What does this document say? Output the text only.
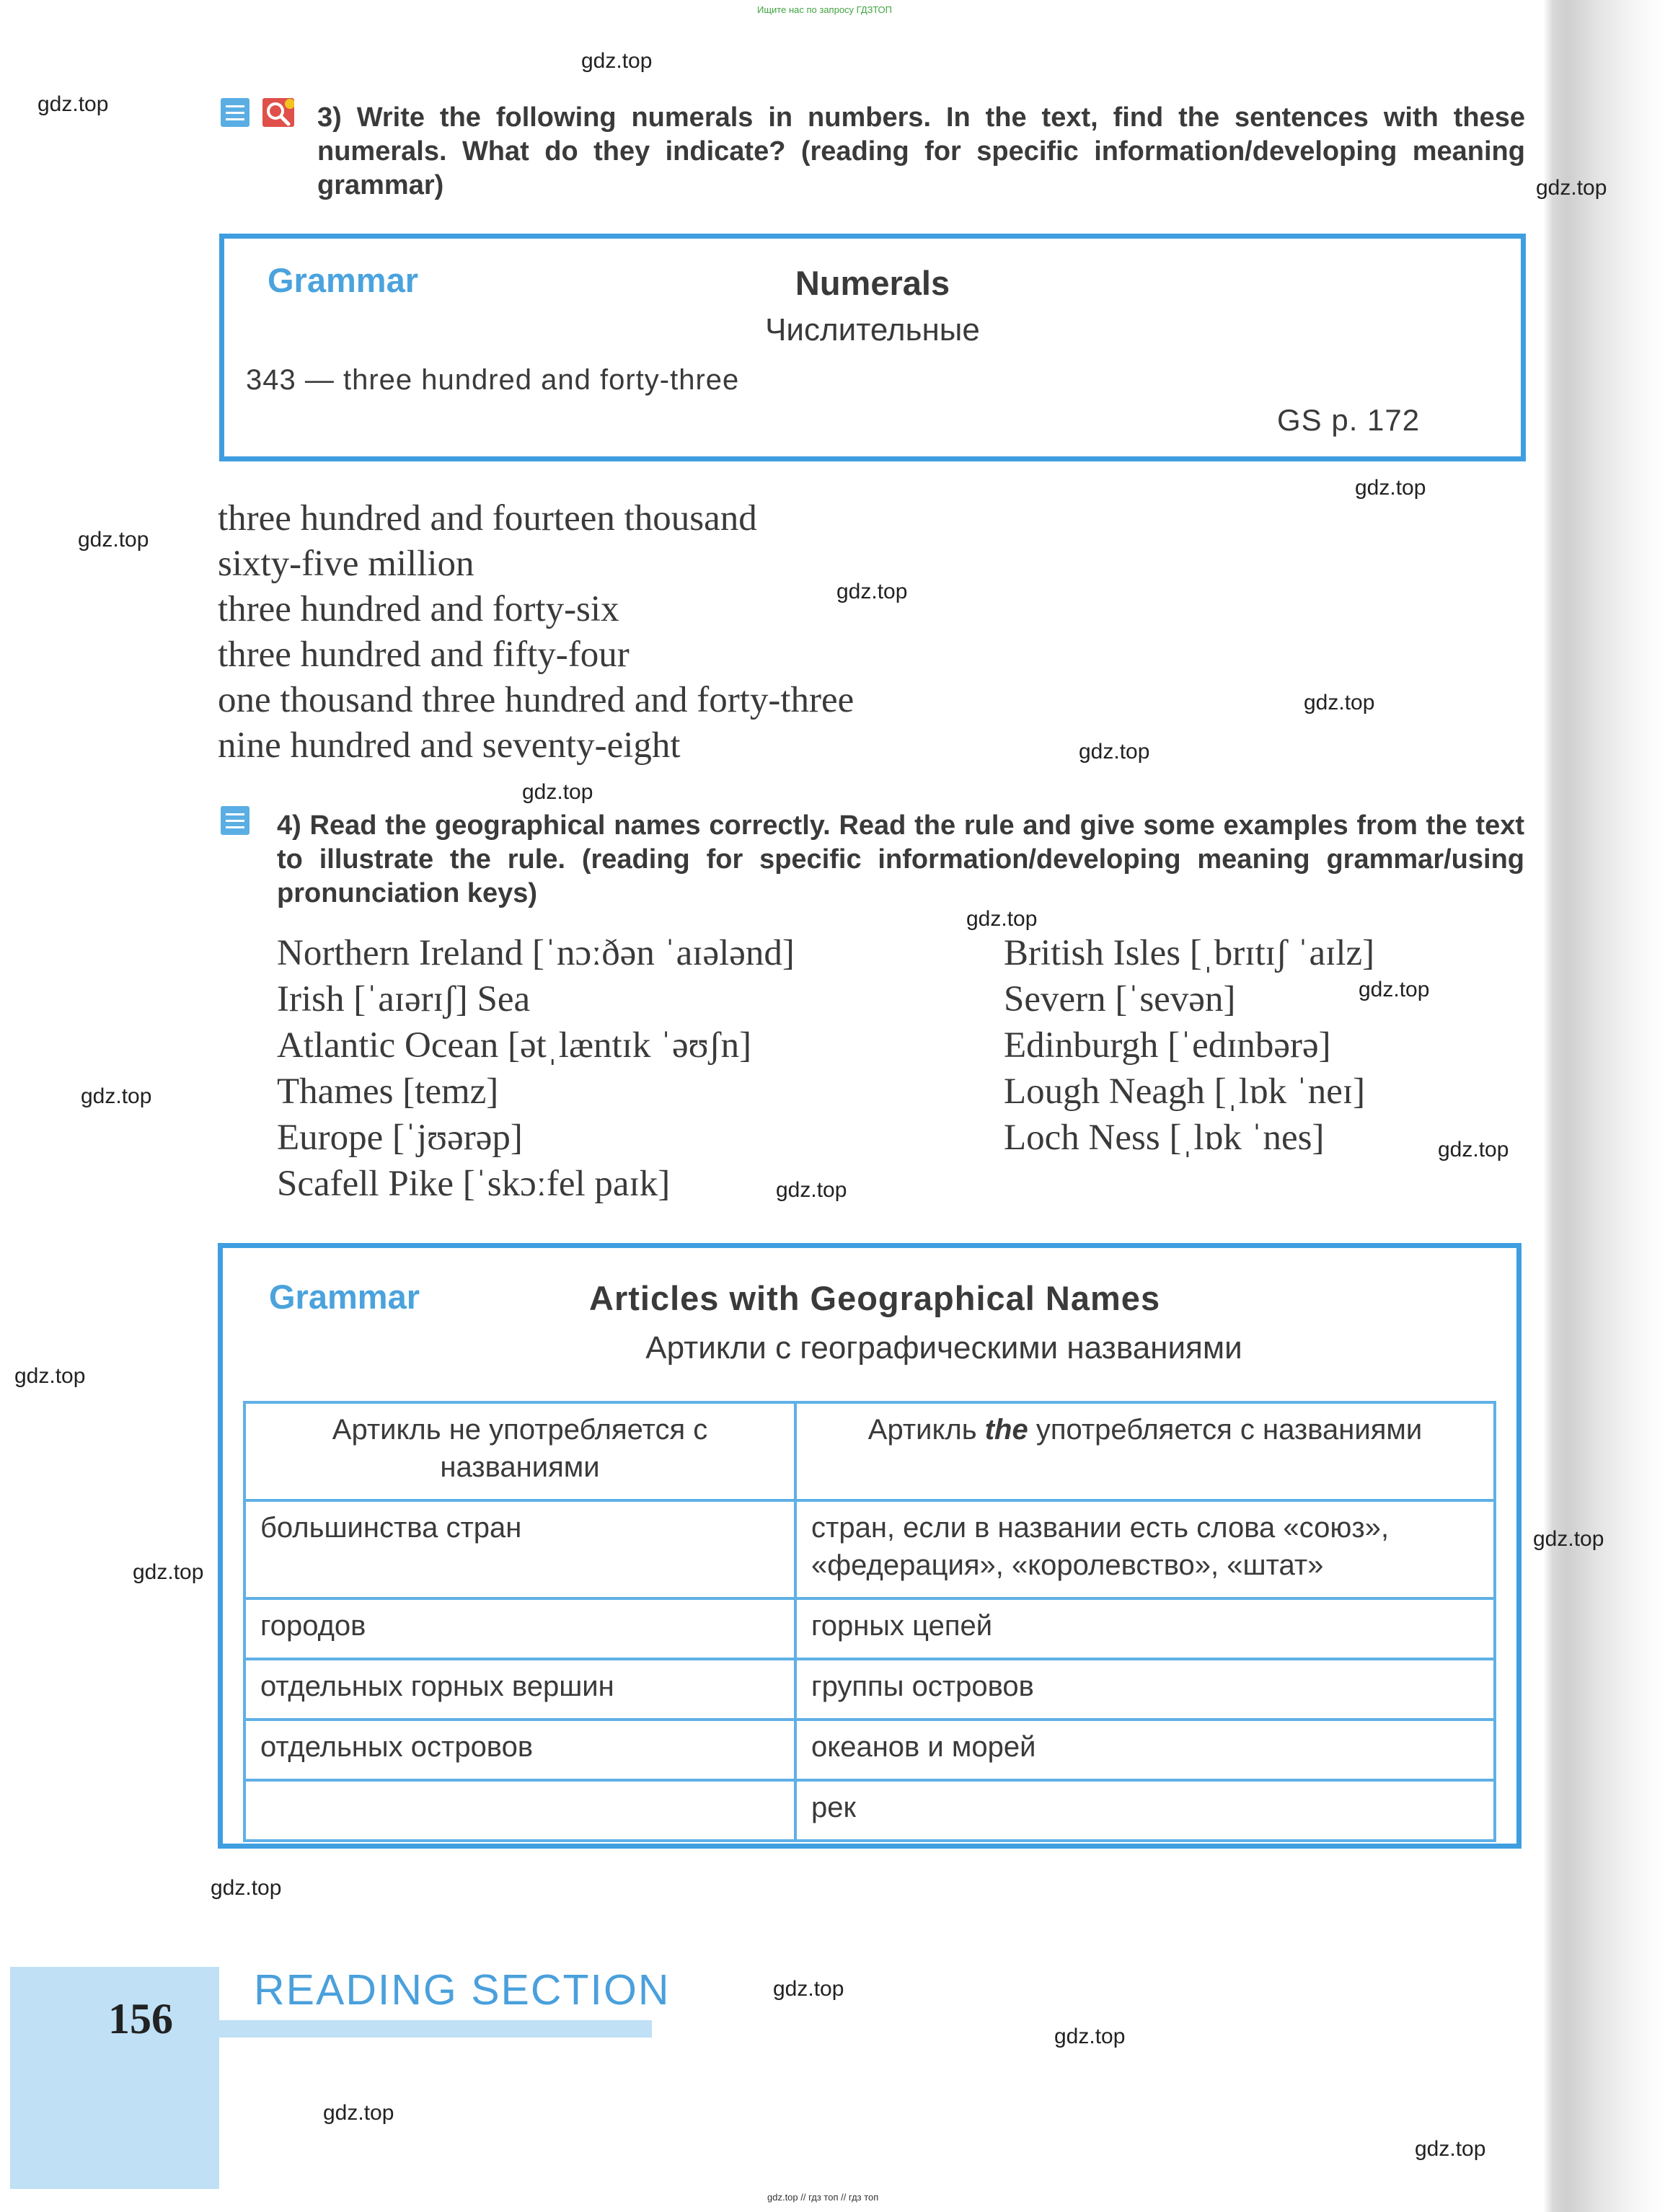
Ищите нас по запросу ГДЗТОП
gdz.top
gdz.top
gdz.top
gdz.top
gdz.top
gdz.top
gdz.top
gdz.top
gdz.top
gdz.top
gdz.top
gdz.top
gdz.top
gdz.top
gdz.top
gdz.top
gdz.top
gdz.top
gdz.top
gdz.top
gdz.top
gdz.top
3) Write the following numerals in numbers. In the text, find the sentences with these numerals. What do they indicate? (reading for specific information/developing meaning grammar)
Grammar	Numerals
Числительные
343 — three hundred and forty-three
GS p. 172
three hundred and fourteen thousand
sixty-five million
three hundred and forty-six
three hundred and fifty-four
one thousand three hundred and forty-three
nine hundred and seventy-eight
4) Read the geographical names correctly. Read the rule and give some examples from the text to illustrate the rule. (reading for specific information/developing meaning grammar/using pronunciation keys)
Northern Ireland [ˈnɔːðən ˈaɪələnd]
Irish [ˈaɪərɪʃ] Sea
Atlantic Ocean [ətˌlæntɪk ˈəʊʃn]
Thames [temz]
Europe [ˈjʊərəp]
Scafell Pike [ˈskɔːfel paɪk]
British Isles [ˌbrɪtɪʃ ˈaɪlz]
Severn [ˈsevən]
Edinburgh [ˈedɪnbərə]
Lough Neagh [ˌlɒk ˈneɪ]
Loch Ness [ˌlɒk ˈnes]
Grammar	Articles with Geographical Names
Артикли с географическими названиями
Артикль не употребляется с названиями	Артикль the употребляется с названиями
большинства стран	стран, если в названии есть слова «союз», «федерация», «королевство», «штат»
городов	горных цепей
отдельных горных вершин	группы островов
отдельных островов	океанов и морей
	рек
156
READING SECTION
gdz.top // гдз топ // гдз топ
